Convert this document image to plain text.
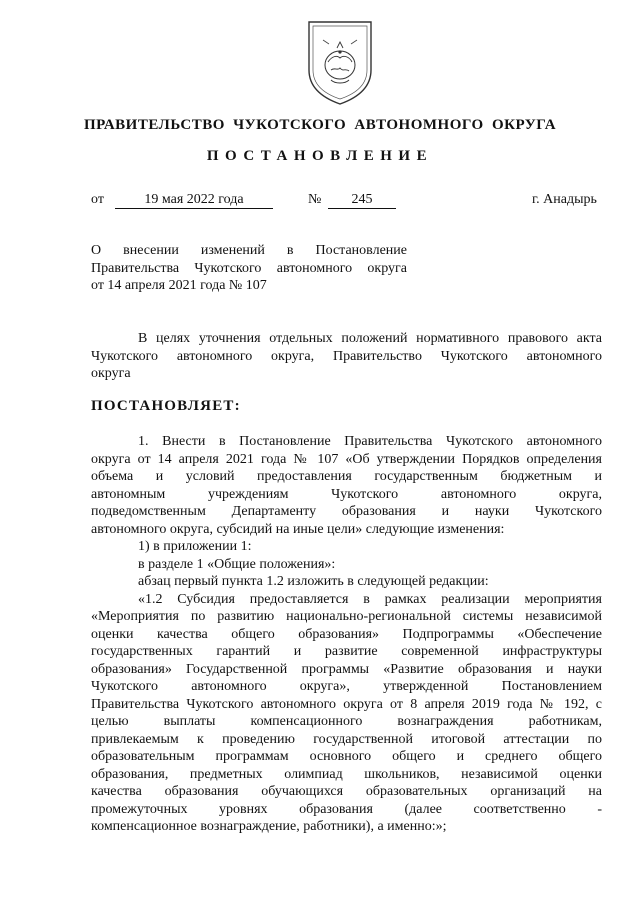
ПРАВИТЕЛЬСТВО ЧУКОТСКОГО АВТОНОМНОГО ОКРУГА
ПОСТАНОВЛЕНИЕ
от	19 мая 2022 года	№	245	г. Анадырь
О внесении изменений в Постановление
Правительства Чукотского автономного округа
от 14 апреля 2021 года № 107
В целях уточнения отдельных положений нормативного правового акта
Чукотского автономного округа, Правительство Чукотского автономного
округа
ПОСТАНОВЛЯЕТ:
1. Внести в Постановление Правительства Чукотского автономного
округа от 14 апреля 2021 года № 107 «Об утверждении Порядков определения
объема и условий предоставления государственным бюджетным и
автономным учреждениям Чукотского автономного округа,
подведомственным Департаменту образования и науки Чукотского
автономного округа, субсидий на иные цели» следующие изменения:
1) в приложении 1:
в разделе 1 «Общие положения»:
абзац первый пункта 1.2 изложить в следующей редакции:
«1.2 Субсидия предоставляется в рамках реализации мероприятия
«Мероприятия по развитию национально-региональной системы независимой
оценки качества общего образования» Подпрограммы «Обеспечение
государственных гарантий и развитие современной инфраструктуры
образования» Государственной программы «Развитие образования и науки
Чукотского автономного округа», утвержденной Постановлением
Правительства Чукотского автономного округа от 8 апреля 2019 года № 192, с
целью выплаты компенсационного вознаграждения работникам,
привлекаемым к проведению государственной итоговой аттестации по
образовательным программам основного общего и среднего общего
образования, предметных олимпиад школьников, независимой оценки
качества образования обучающихся образовательных организаций на
промежуточных уровнях образования (далее соответственно -
компенсационное вознаграждение, работники), а именно:»;
